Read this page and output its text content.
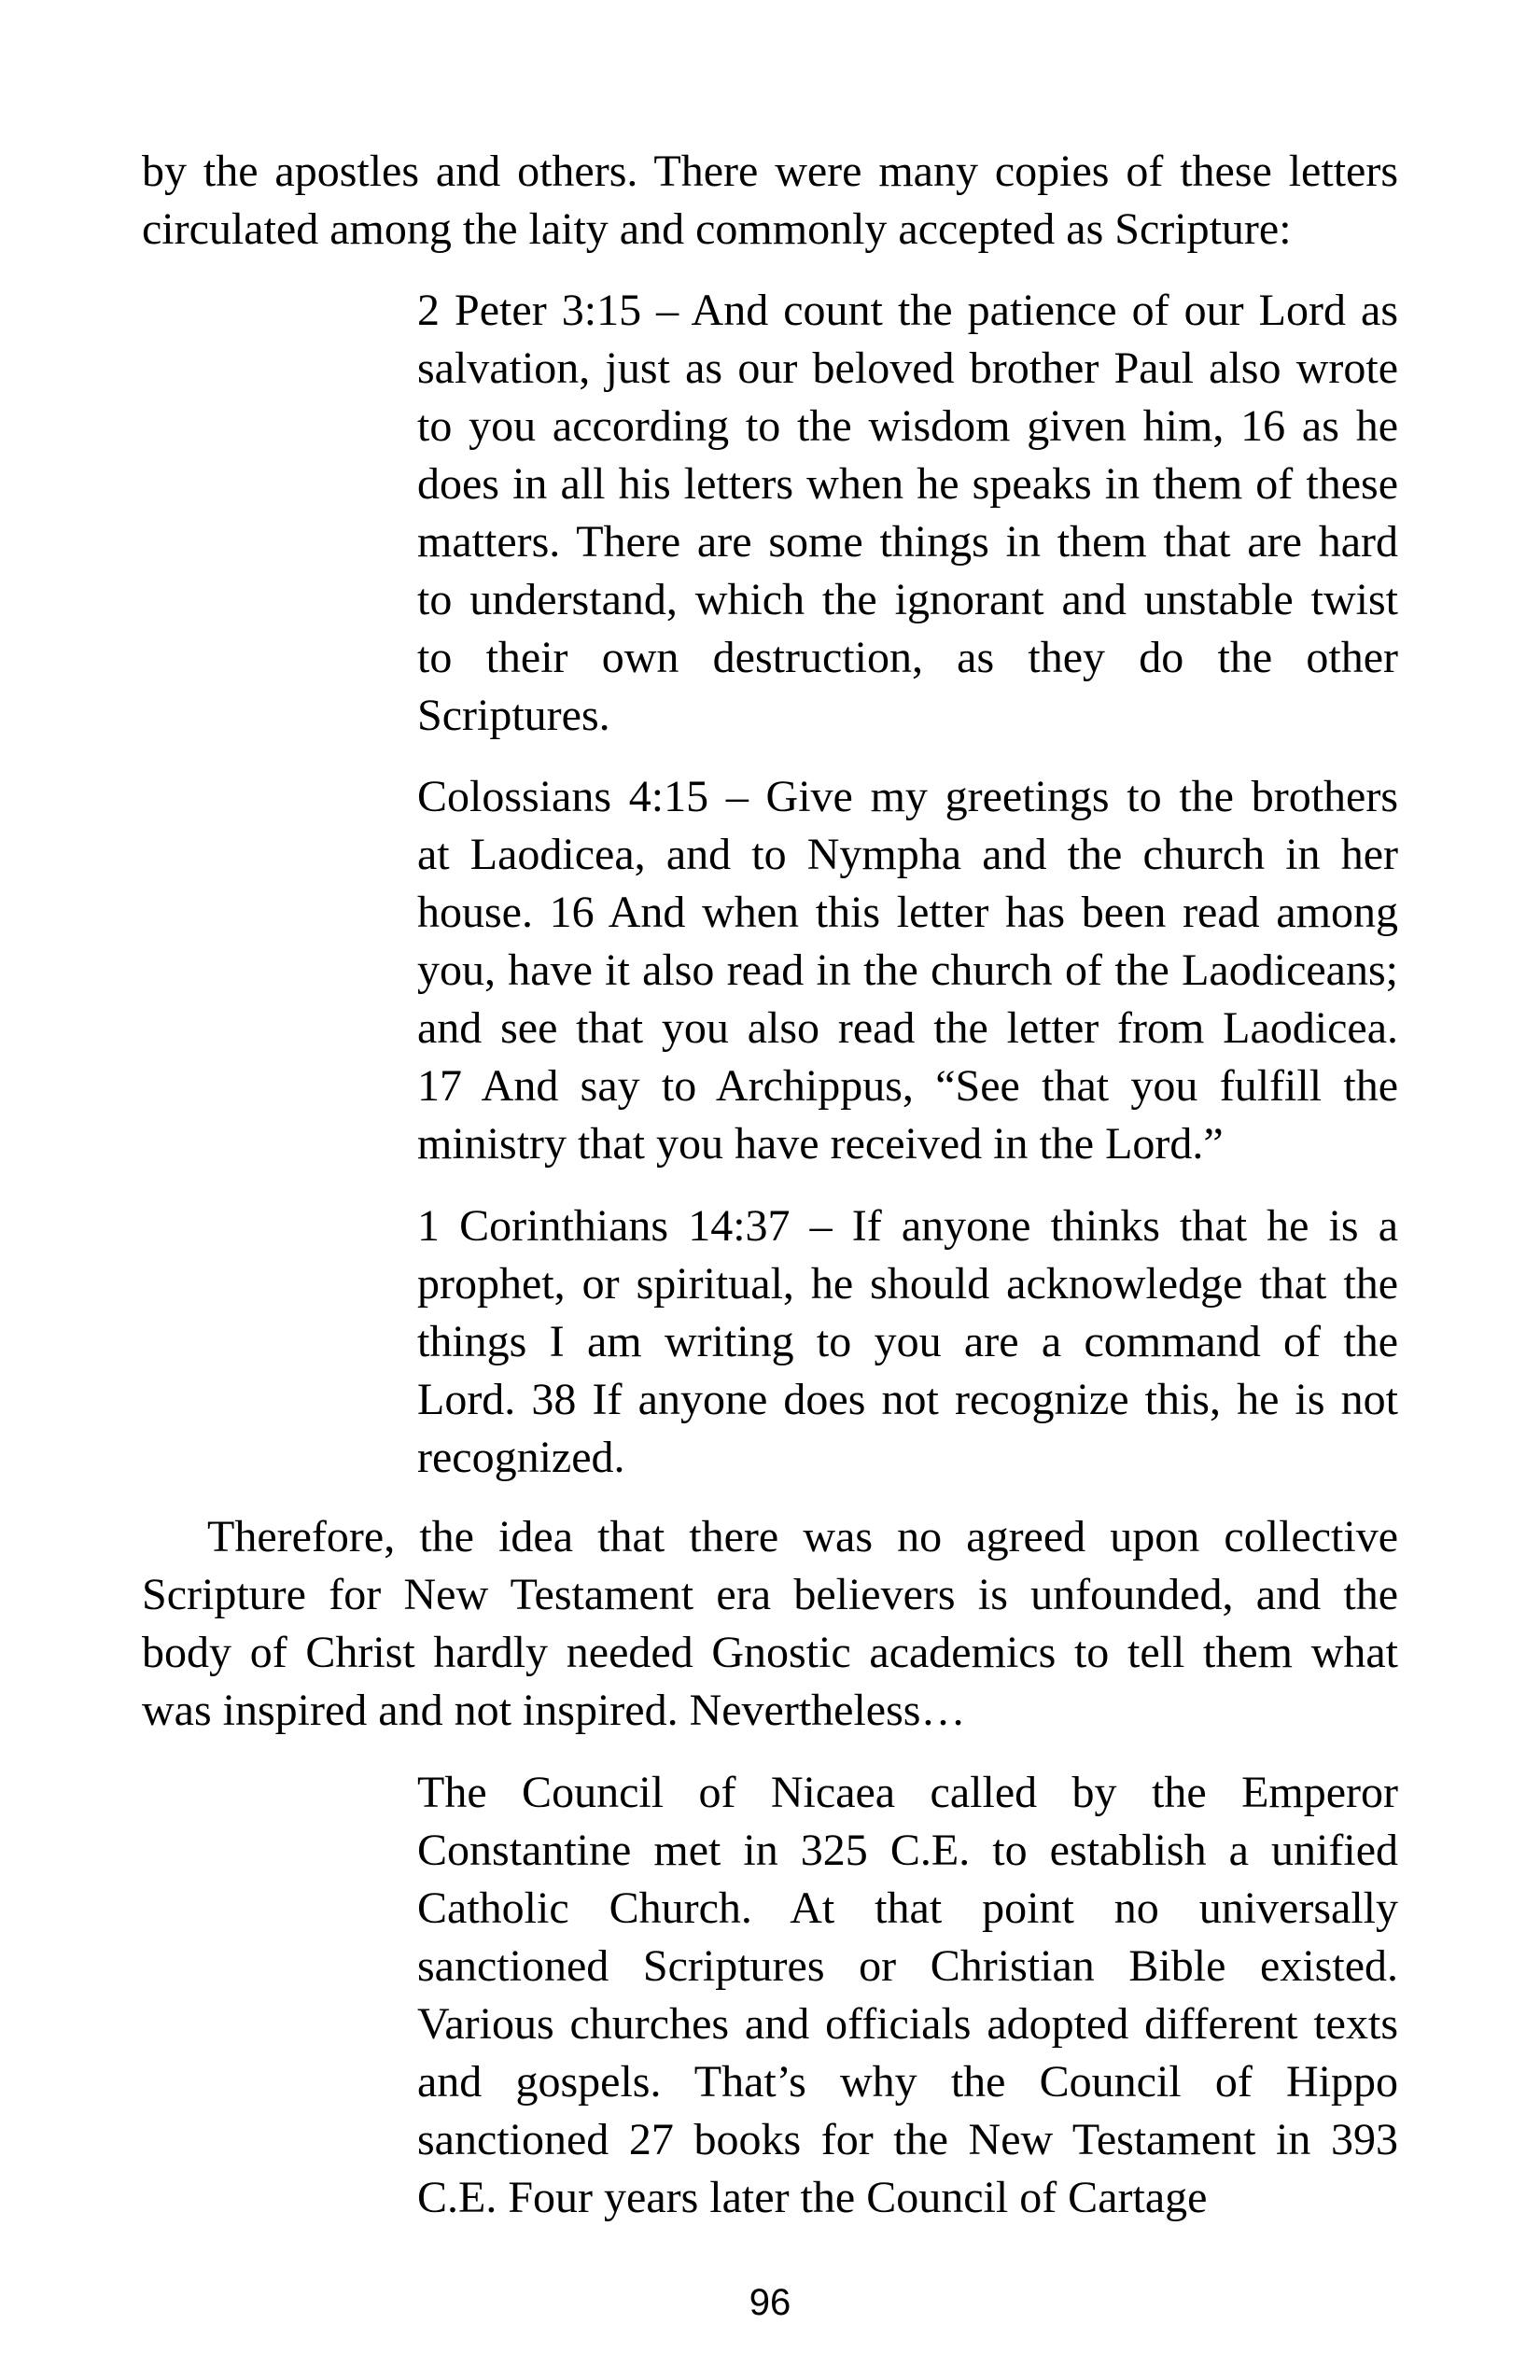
by the apostles and others. There were many copies of these letters
circulated among the laity and commonly accepted as Scripture:
2 Peter 3:15 – And count the patience of our Lord as
salvation, just as our beloved brother Paul also wrote
to you according to the wisdom given him, 16 as he
does in all his letters when he speaks in them of these
matters. There are some things in them that are hard
to understand, which the ignorant and unstable twist
to their own destruction, as they do the other
Scriptures.
Colossians 4:15 – Give my greetings to the brothers
at Laodicea, and to Nympha and the church in her
house. 16 And when this letter has been read among
you, have it also read in the church of the Laodiceans;
and see that you also read the letter from Laodicea.
17 And say to Archippus, “See that you fulfill the
ministry that you have received in the Lord.”
1 Corinthians 14:37 – If anyone thinks that he is a
prophet, or spiritual, he should acknowledge that the
things I am writing to you are a command of the
Lord. 38 If anyone does not recognize this, he is not
recognized.
Therefore, the idea that there was no agreed upon collective
Scripture for New Testament era believers is unfounded, and the
body of Christ hardly needed Gnostic academics to tell them what
was inspired and not inspired. Nevertheless…
The Council of Nicaea called by the Emperor
Constantine met in 325 C.E. to establish a unified
Catholic Church. At that point no universally
sanctioned Scriptures or Christian Bible existed.
Various churches and officials adopted different texts
and gospels. That’s why the Council of Hippo
sanctioned 27 books for the New Testament in 393
C.E. Four years later the Council of Cartage
96
